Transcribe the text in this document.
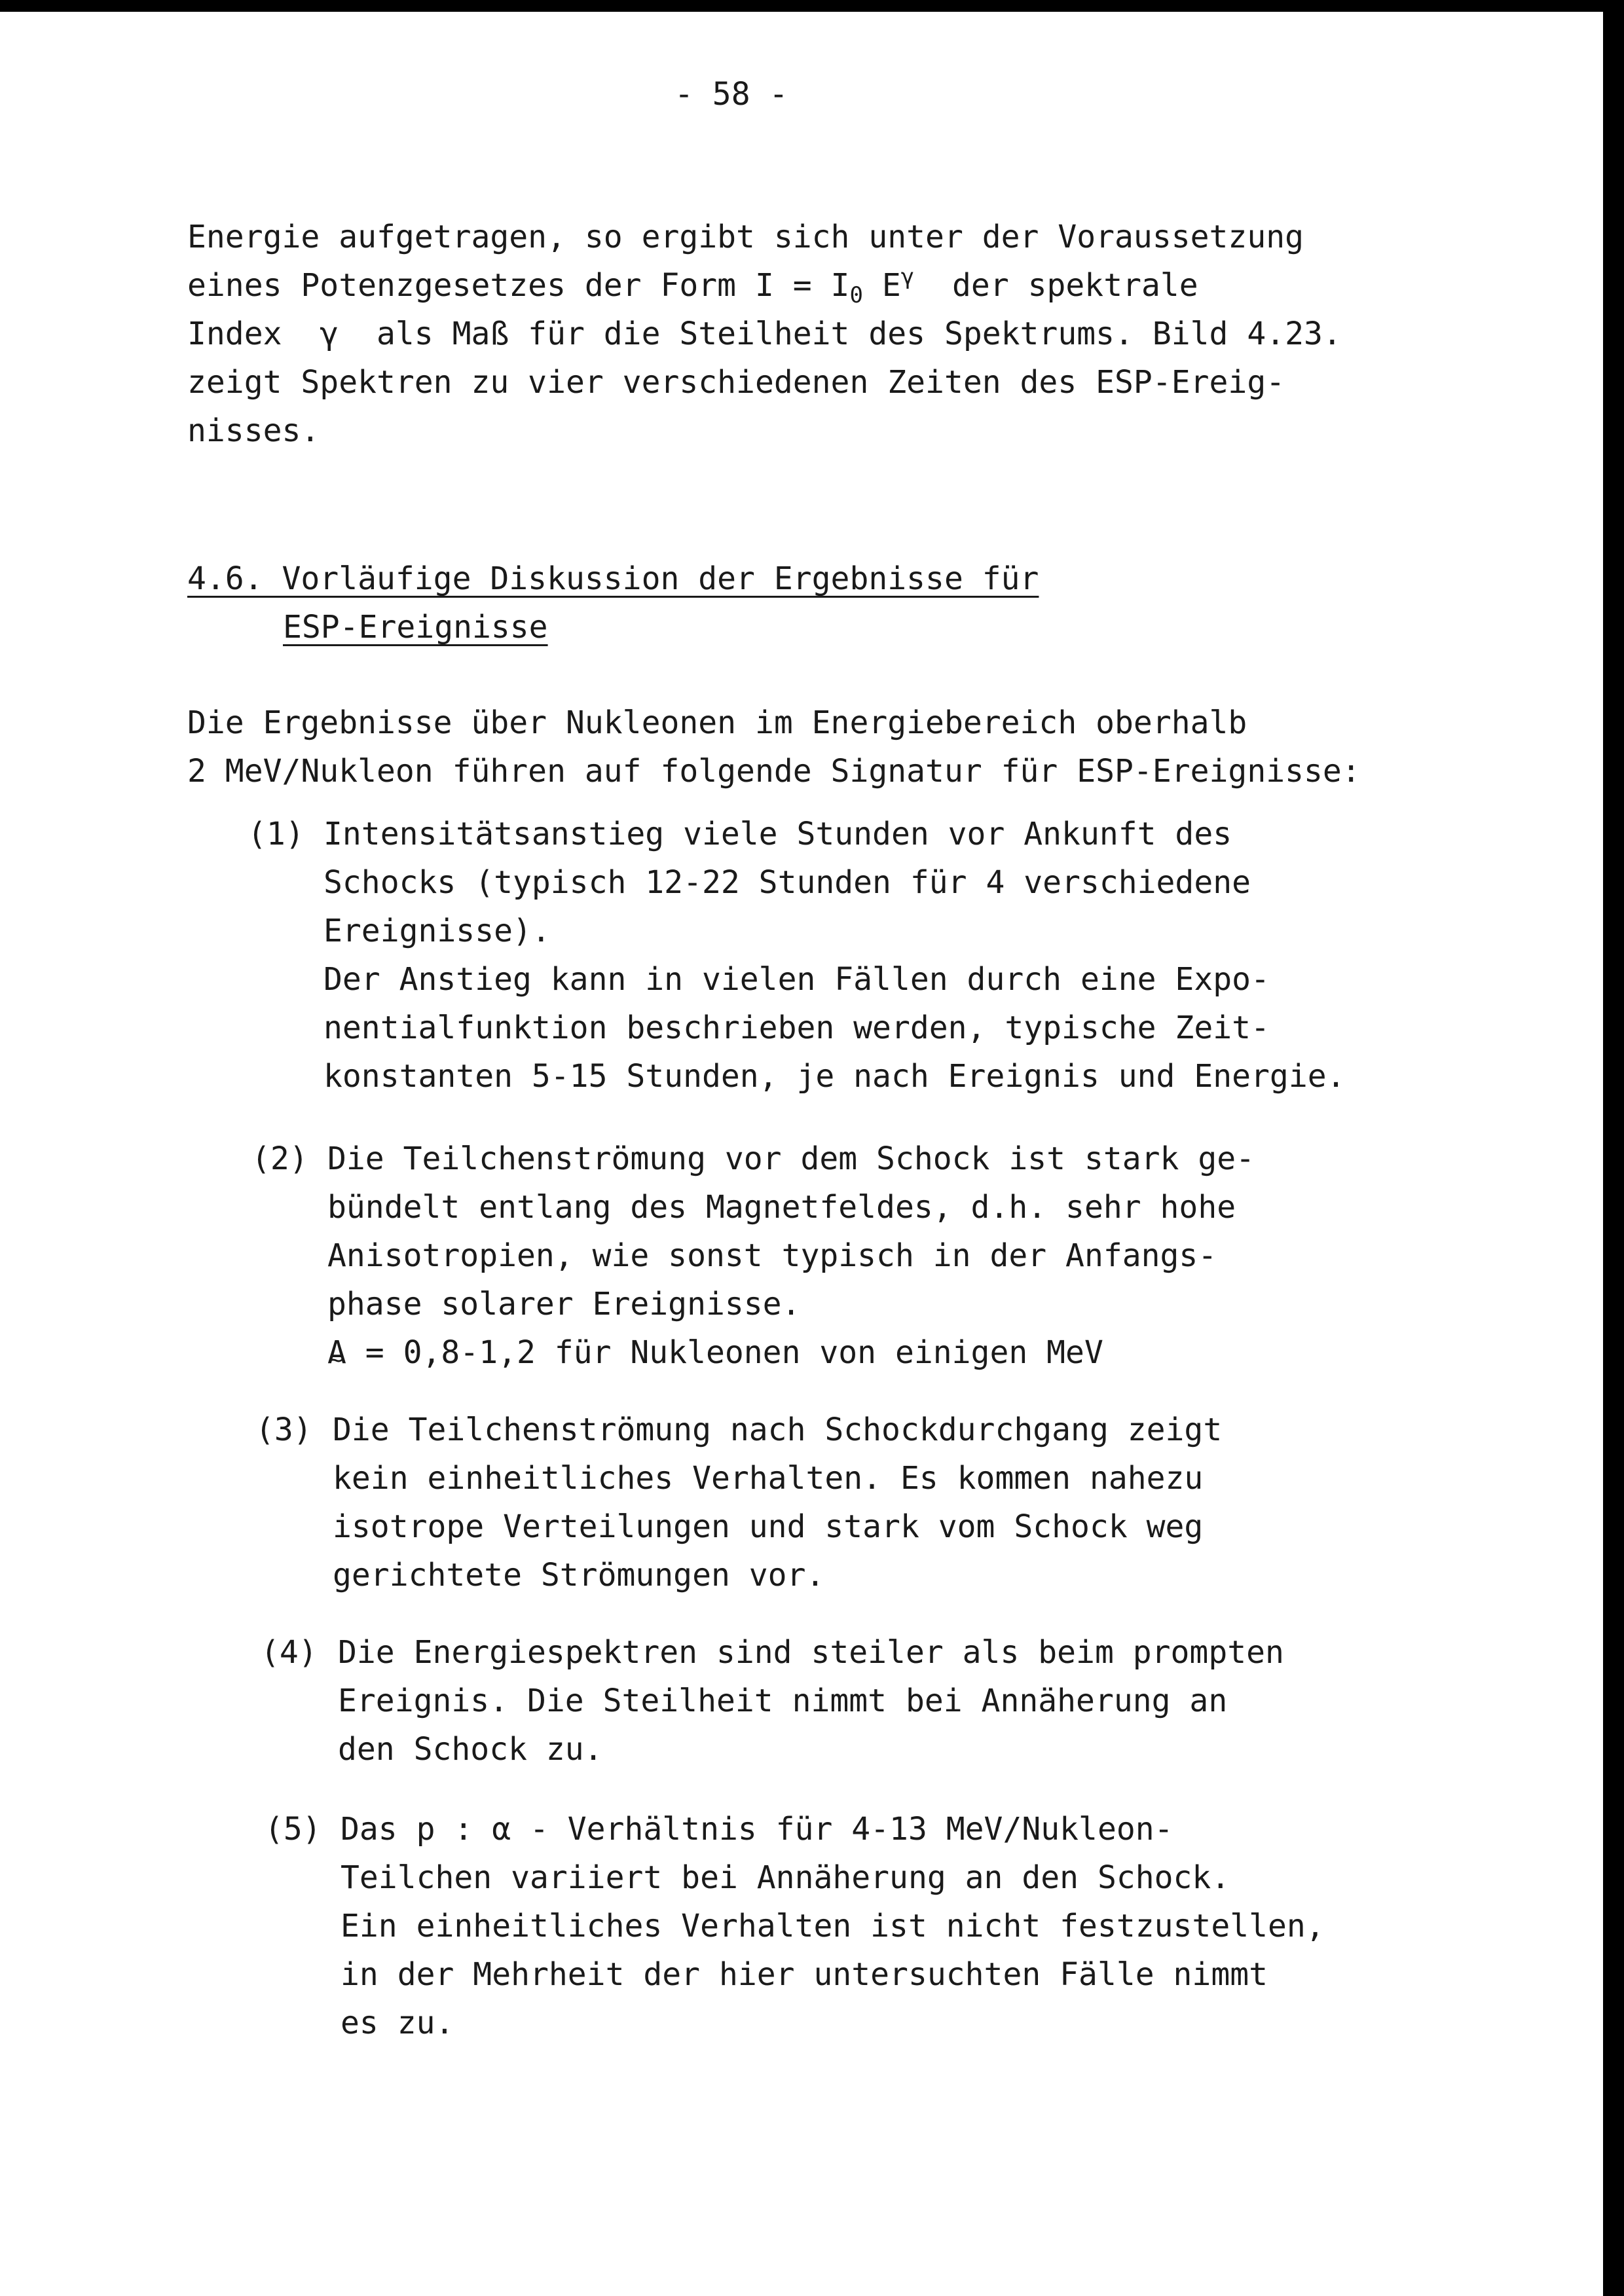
- 58 -
Energie aufgetragen, so ergibt sich unter der Voraussetzung
eines Potenzgesetzes der Form $I = I_0$ $E^\gamma$  der spektrale
Index  γ  als Maß für die Steilheit des Spektrums. Bild 4.23.
zeigt Spektren zu vier verschiedenen Zeiten des ESP-Ereig-
nisses.
4.6. Vorläufige Diskussion der Ergebnisse für
ESP-Ereignisse
Die Ergebnisse über Nukleonen im Energiebereich oberhalb
2 MeV/Nukleon führen auf folgende Signatur für ESP-Ereignisse:
(1) Intensitätsanstieg viele Stunden vor Ankunft des
Schocks (typisch 12-22 Stunden für 4 verschiedene
Ereignisse).
Der Anstieg kann in vielen Fällen durch eine Expo-
nentialfunktion beschrieben werden, typische Zeit-
konstanten 5-15 Stunden, je nach Ereignis und Energie.
(2) Die Teilchenströmung vor dem Schock ist stark ge-
bündelt entlang des Magnetfeldes, d.h. sehr hohe
Anisotropien, wie sonst typisch in der Anfangs-
phase solarer Ereignisse.
A ~ = 0,8-1,2 für Nukleonen von einigen MeV
(3) Die Teilchenströmung nach Schockdurchgang zeigt
kein einheitliches Verhalten. Es kommen nahezu
isotrope Verteilungen und stark vom Schock weg
gerichtete Strömungen vor.
(4) Die Energiespektren sind steiler als beim prompten
Ereignis. Die Steilheit nimmt bei Annäherung an
den Schock zu.
(5) Das p : α - Verhältnis für 4-13 MeV/Nukleon-
Teilchen variiert bei Annäherung an den Schock.
Ein einheitliches Verhalten ist nicht festzustellen,
in der Mehrheit der hier untersuchten Fälle nimmt
es zu.
